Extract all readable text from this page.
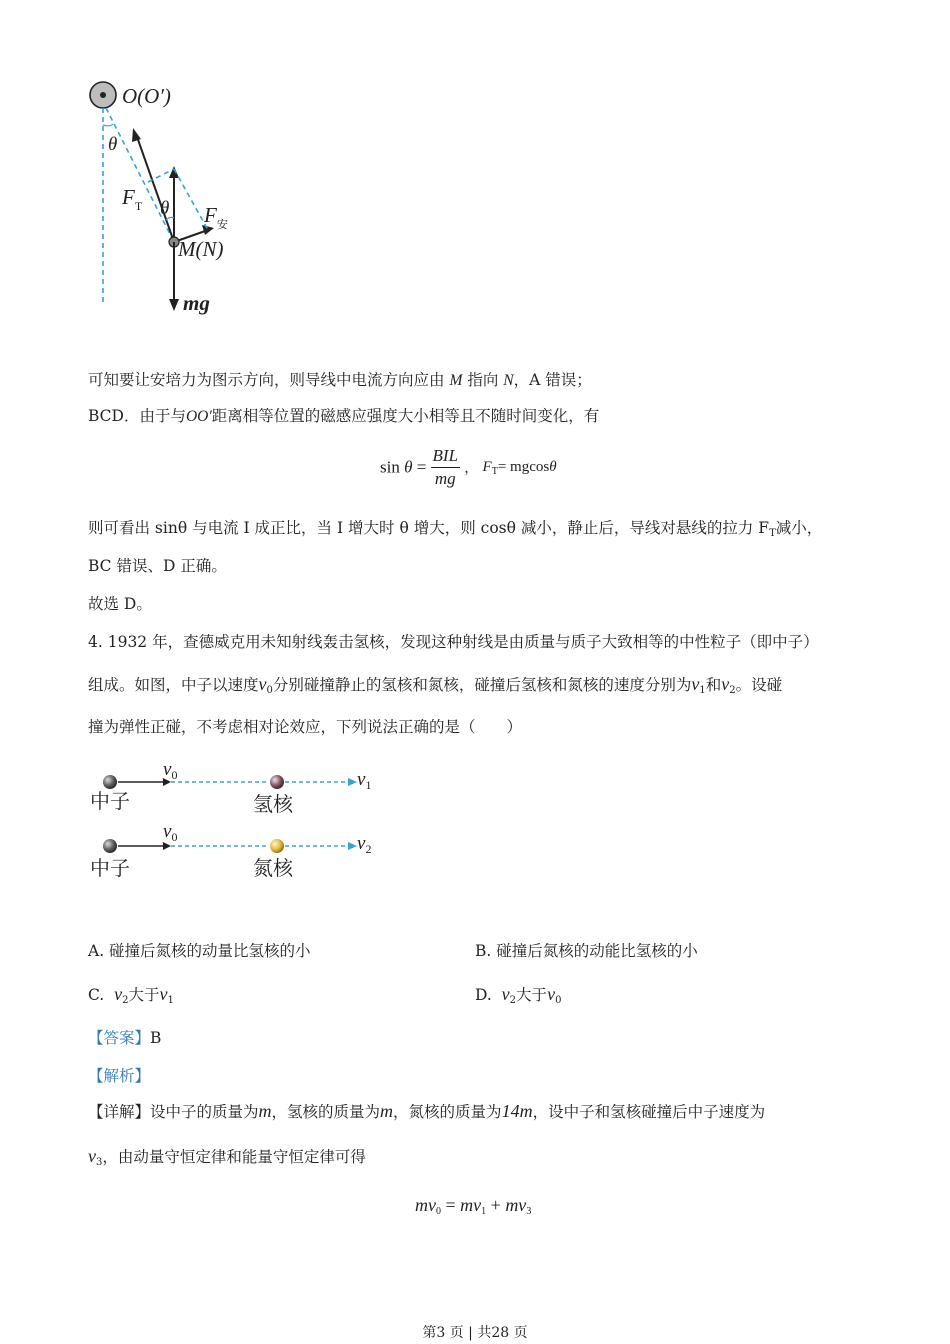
O(O′)
θ
$F_T$ θ $F_安$
M(N)
mg
可知要让安培力为图示方向，则导线中电流方向应由 M 指向 N，A 错误；
BCD．由于与OO′距离相等位置的磁感应强度大小相等且不随时间变化，有
$\sin \theta = \frac{\text{BIL}}{mg}$ ， $F_T= mgcos\theta$
则可看出 sinθ 与电流 I 成正比，当 I 增大时 θ 增大，则 cosθ 减小，静止后，导线对悬线的拉力 $F_T$减小，
BC 错误、D 正确。
故选 D。
4. 1932 年，查德威克用未知射线轰击氢核，发现这种射线是由质量与质子大致相等的中性粒子（即中子）
组成。如图，中子以速度$v_0$分别碰撞静止的氢核和氮核，碰撞后氢核和氮核的速度分别为$v_1$和$v_2$。设碰
撞为弹性正碰，不考虑相对论效应，下列说法正确的是（　　）
$v_0$	$v_1$
中子	氢核
$v_0$	$v_2$
中子	氮核
A. 碰撞后氮核的动量比氢核的小	B. 碰撞后氮核的动能比氢核的小
C. $v_2$大于$v_1$	D. $v_2$大于$v_0$
【答案】B
【解析】
【详解】设中子的质量为m，氢核的质量为m，氮核的质量为14m，设中子和氢核碰撞后中子速度为
$v_3$，由动量守恒定律和能量守恒定律可得
$mv_0 = mv_1 + mv_3$
第3 页 | 共28 页
